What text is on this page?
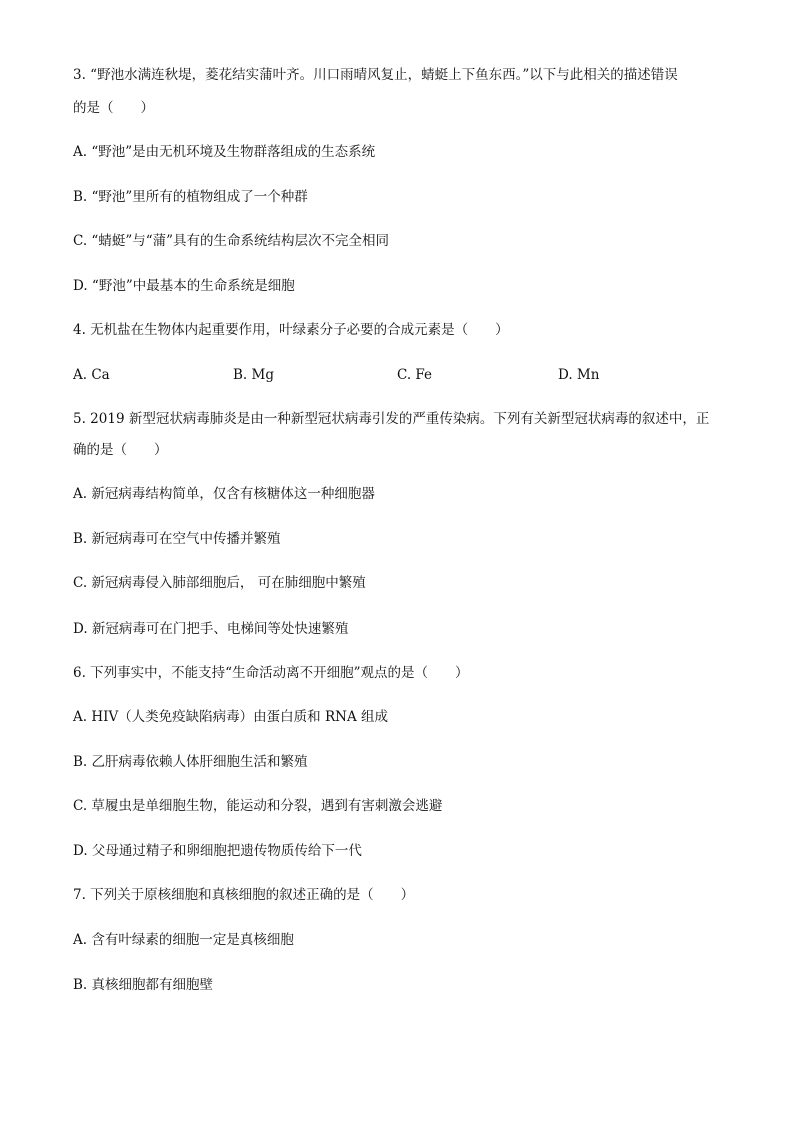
3. “野池水满连秋堤，菱花结实蒲叶齐。川口雨晴风复止，蜻蜓上下鱼东西。”以下与此相关的描述错误
的是（　　）
A. “野池”是由无机环境及生物群落组成的生态系统
B. “野池”里所有的植物组成了一个种群
C. “蜻蜓”与“蒲”具有的生命系统结构层次不完全相同
D. “野池”中最基本的生命系统是细胞
4. 无机盐在生物体内起重要作用，叶绿素分子必要的合成元素是（　　）
A. Ca	B. Mg	C. Fe	D. Mn
5. 2019 新型冠状病毒肺炎是由一种新型冠状病毒引发的严重传染病。下列有关新型冠状病毒的叙述中，正
确的是（　　）
A. 新冠病毒结构简单，仅含有核糖体这一种细胞器
B. 新冠病毒可在空气中传播并繁殖
C. 新冠病毒侵入肺部细胞后， 可在肺细胞中繁殖
D. 新冠病毒可在门把手、电梯间等处快速繁殖
6. 下列事实中，不能支持“生命活动离不开细胞”观点的是（　　）
A. HIV（人类免疫缺陷病毒）由蛋白质和 RNA 组成
B. 乙肝病毒依赖人体肝细胞生活和繁殖
C. 草履虫是单细胞生物，能运动和分裂，遇到有害刺激会逃避
D. 父母通过精子和卵细胞把遗传物质传给下一代
7. 下列关于原核细胞和真核细胞的叙述正确的是（　　）
A. 含有叶绿素的细胞一定是真核细胞
B. 真核细胞都有细胞壁
